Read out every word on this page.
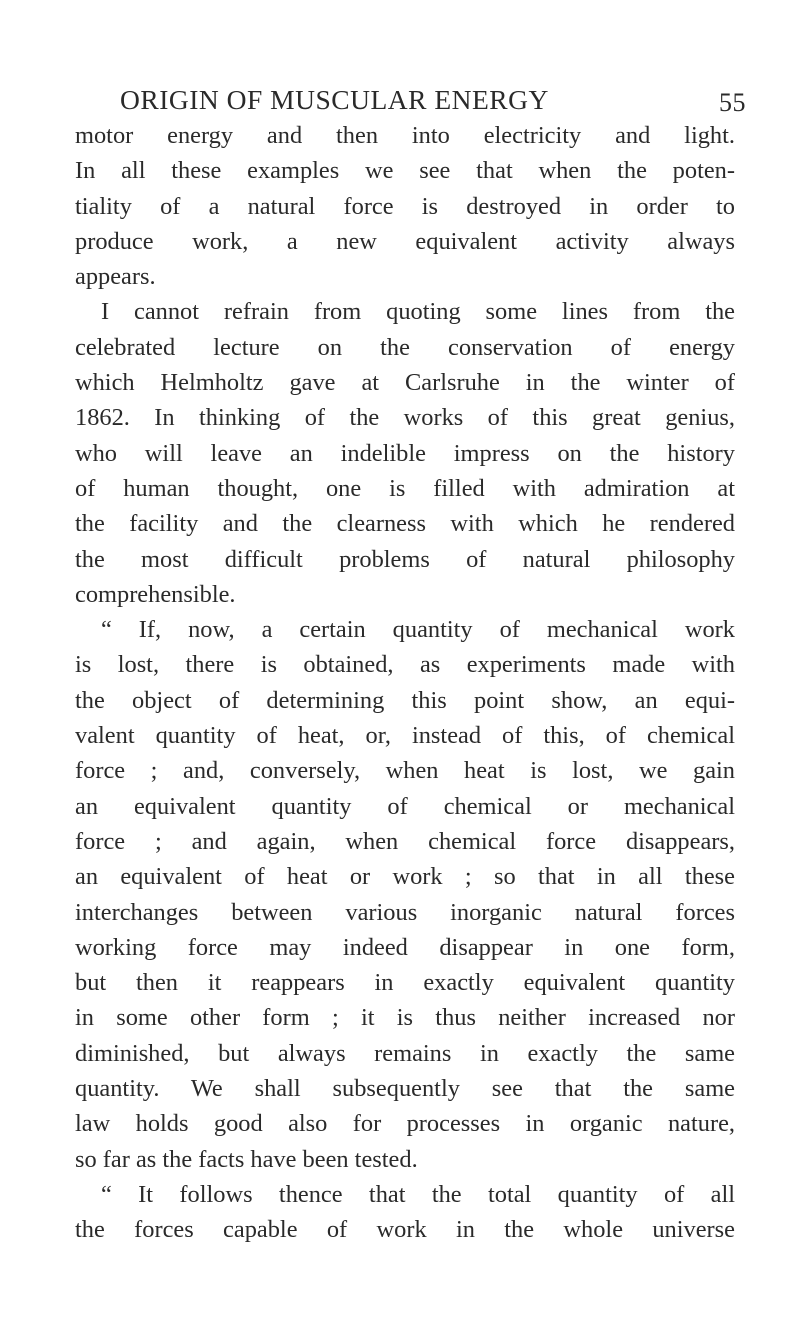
ORIGIN OF MUSCULAR ENERGY	55
motor energy and then into electricity and light.
In all these examples we see that when the poten-
tiality of a natural force is destroyed in order to
produce work, a new equivalent activity always
appears.
I cannot refrain from quoting some lines from the
celebrated lecture on the conservation of energy
which Helmholtz gave at Carlsruhe in the winter of
1862. In thinking of the works of this great genius,
who will leave an indelible impress on the history
of human thought, one is filled with admiration at
the facility and the clearness with which he rendered
the most difficult problems of natural philosophy
comprehensible.
“ If, now, a certain quantity of mechanical work
is lost, there is obtained, as experiments made with
the object of determining this point show, an equi-
valent quantity of heat, or, instead of this, of chemical
force ; and, conversely, when heat is lost, we gain
an equivalent quantity of chemical or mechanical
force ; and again, when chemical force disappears,
an equivalent of heat or work ; so that in all these
interchanges between various inorganic natural forces
working force may indeed disappear in one form,
but then it reappears in exactly equivalent quantity
in some other form ; it is thus neither increased nor
diminished, but always remains in exactly the same
quantity. We shall subsequently see that the same
law holds good also for processes in organic nature,
so far as the facts have been tested.
“ It follows thence that the total quantity of all
the forces capable of work in the whole universe
